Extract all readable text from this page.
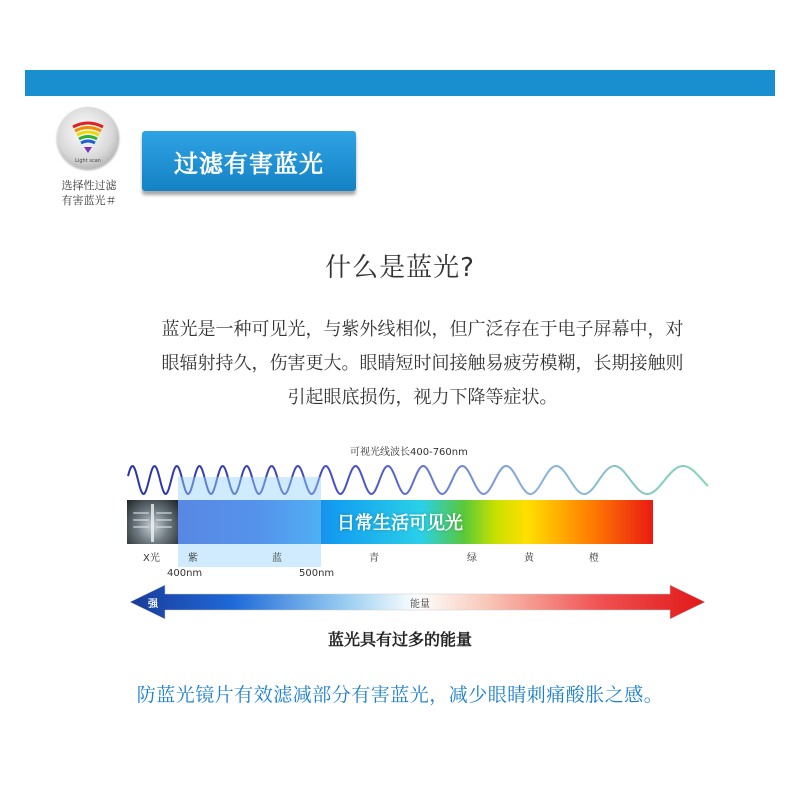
Light scan
选择性过滤
有害蓝光＃
过滤有害蓝光
什么是蓝光?
蓝光是一种可见光，与紫外线相似，但广泛存在于电子屏幕中，对
眼辐射持久，伤害更大。眼睛短时间接触易疲劳模糊，长期接触则
引起眼底损伤，视力下降等症状。
可视光线波长400-760nm
日常生活可见光
X光	紫	蓝	青	绿	黄	橙
400nm	500nm
强	能量
蓝光具有过多的能量
防蓝光镜片有效滤减部分有害蓝光，减少眼睛刺痛酸胀之感。
